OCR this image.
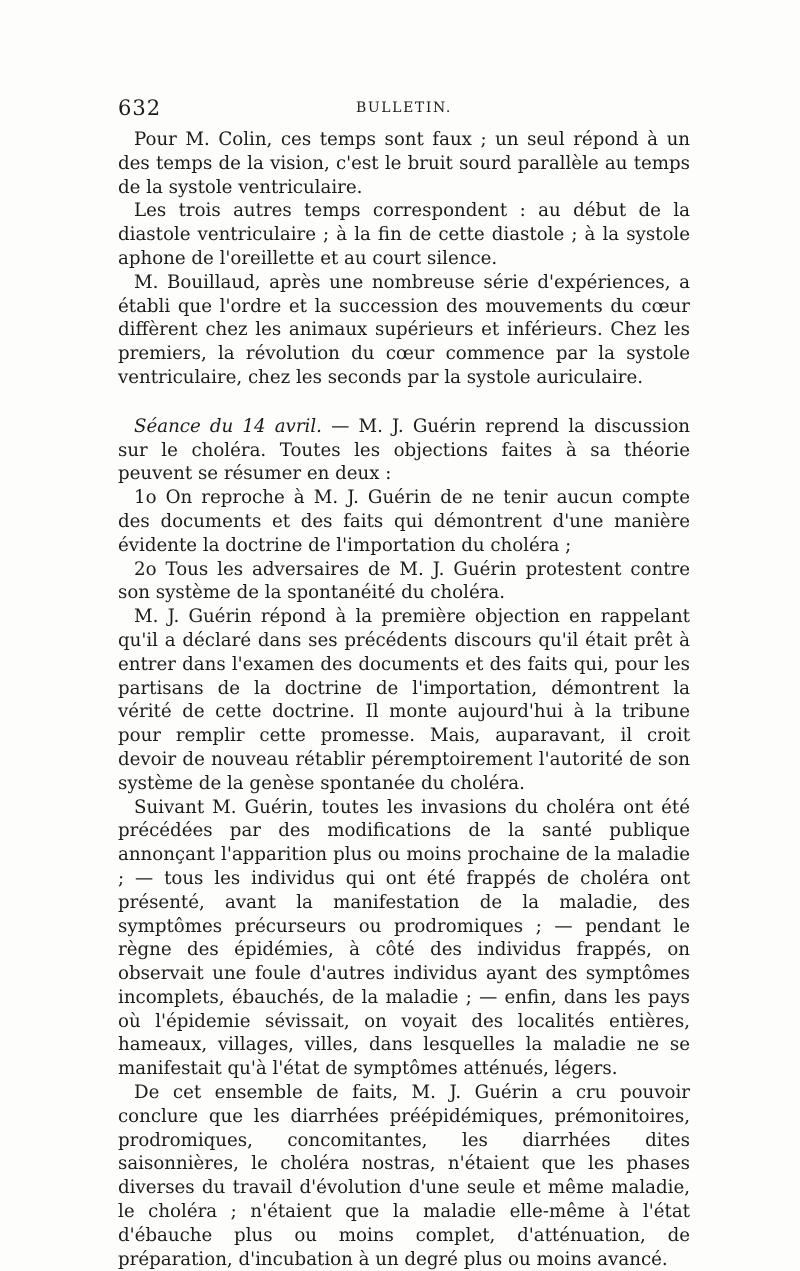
632	BULLETIN.

Pour M. Colin, ces temps sont faux ; un seul répond à un des temps de la vision, c'est le bruit sourd parallèle au temps de la systole ventriculaire.

Les trois autres temps correspondent : au début de la diastole ventriculaire ; à la fin de cette diastole ; à la systole aphone de l'oreillette et au court silence.

M. Bouillaud, après une nombreuse série d'expériences, a établi que l'ordre et la succession des mouvements du cœur diffèrent chez les animaux supérieurs et inférieurs. Chez les premiers, la révolution du cœur commence par la systole ventriculaire, chez les seconds par la systole auriculaire.

Séance du 14 avril. — M. J. Guérin reprend la discussion sur le choléra. Toutes les objections faites à sa théorie peuvent se résumer en deux :

1o On reproche à M. J. Guérin de ne tenir aucun compte des documents et des faits qui démontrent d'une manière évidente la doctrine de l'importation du choléra ;

2o Tous les adversaires de M. J. Guérin protestent contre son système de la spontanéité du choléra.

M. J. Guérin répond à la première objection en rappelant qu'il a déclaré dans ses précédents discours qu'il était prêt à entrer dans l'examen des documents et des faits qui, pour les partisans de la doctrine de l'importation, démontrent la vérité de cette doctrine. Il monte aujourd'hui à la tribune pour remplir cette promesse. Mais, auparavant, il croit devoir de nouveau rétablir péremptoirement l'autorité de son système de la genèse spontanée du choléra.

Suivant M. Guérin, toutes les invasions du choléra ont été précédées par des modifications de la santé publique annonçant l'apparition plus ou moins prochaine de la maladie ; — tous les individus qui ont été frappés de choléra ont présenté, avant la manifestation de la maladie, des symptômes précurseurs ou prodromiques ; — pendant le règne des épidémies, à côté des individus frappés, on observait une foule d'autres individus ayant des symptômes incomplets, ébauchés, de la maladie ; — enfin, dans les pays où l'épidemie sévissait, on voyait des localités entières, hameaux, villages, villes, dans lesquelles la maladie ne se manifestait qu'à l'état de symptômes atténués, légers.

De cet ensemble de faits, M. J. Guérin a cru pouvoir conclure que les diarrhées préépidémiques, prémonitoires, prodromiques, concomitantes, les diarrhées dites saisonnières, le choléra nostras, n'étaient que les phases diverses du travail d'évolution d'une seule et même maladie, le choléra ; n'étaient que la maladie elle-même à l'état d'ébauche plus ou moins complet, d'atténuation, de préparation, d'incubation à un degré plus ou moins avancé.
